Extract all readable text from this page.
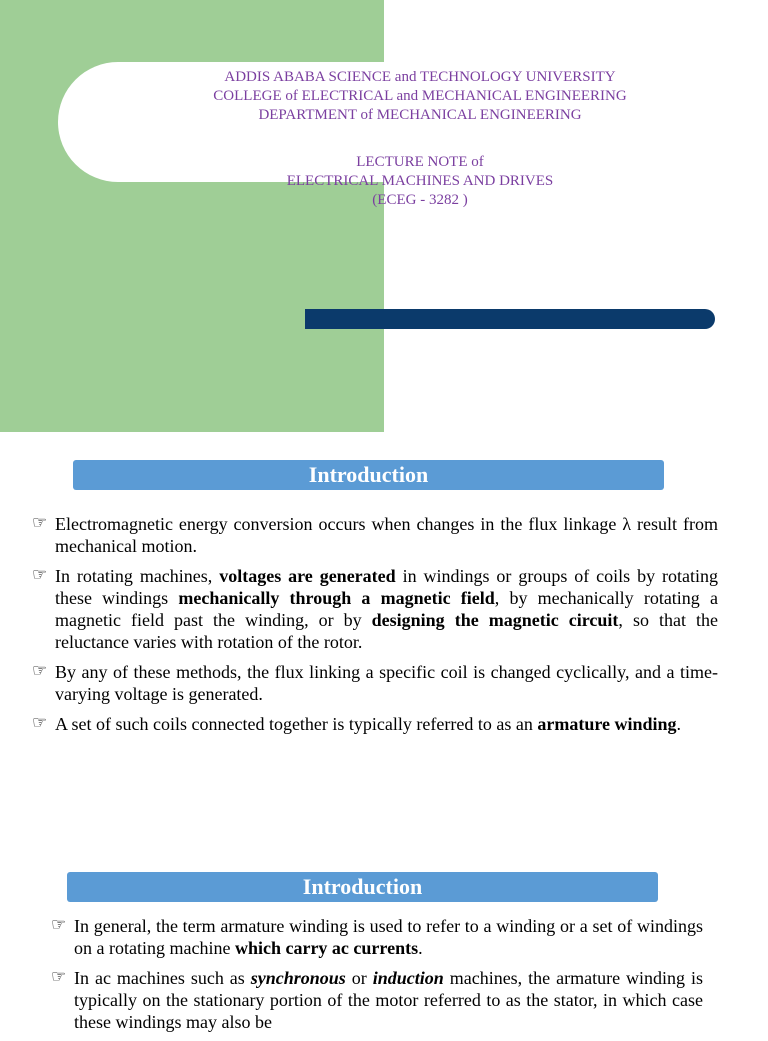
ADDIS ABABA SCIENCE and TECHNOLOGY UNIVERSITY
COLLEGE of ELECTRICAL and MECHANICAL ENGINEERING
DEPARTMENT of MECHANICAL ENGINEERING
LECTURE NOTE of
ELECTRICAL MACHINES AND DRIVES
(ECEG - 3282 )
Introduction
☞ Electromagnetic energy conversion occurs when changes in the flux linkage λ result from mechanical motion.
☞ In rotating machines, voltages are generated in windings or groups of coils by rotating these windings mechanically through a magnetic field, by mechanically rotating a magnetic field past the winding, or by designing the magnetic circuit, so that the reluctance varies with rotation of the rotor.
☞ By any of these methods, the flux linking a specific coil is changed cyclically, and a time-varying voltage is generated.
☞ A set of such coils connected together is typically referred to as an armature winding.
Introduction
☞ In general, the term armature winding is used to refer to a winding or a set of windings on a rotating machine which carry ac currents.
☞ In ac machines such as synchronous or induction machines, the armature winding is typically on the stationary portion of the motor referred to as the stator, in which case these windings may also be
